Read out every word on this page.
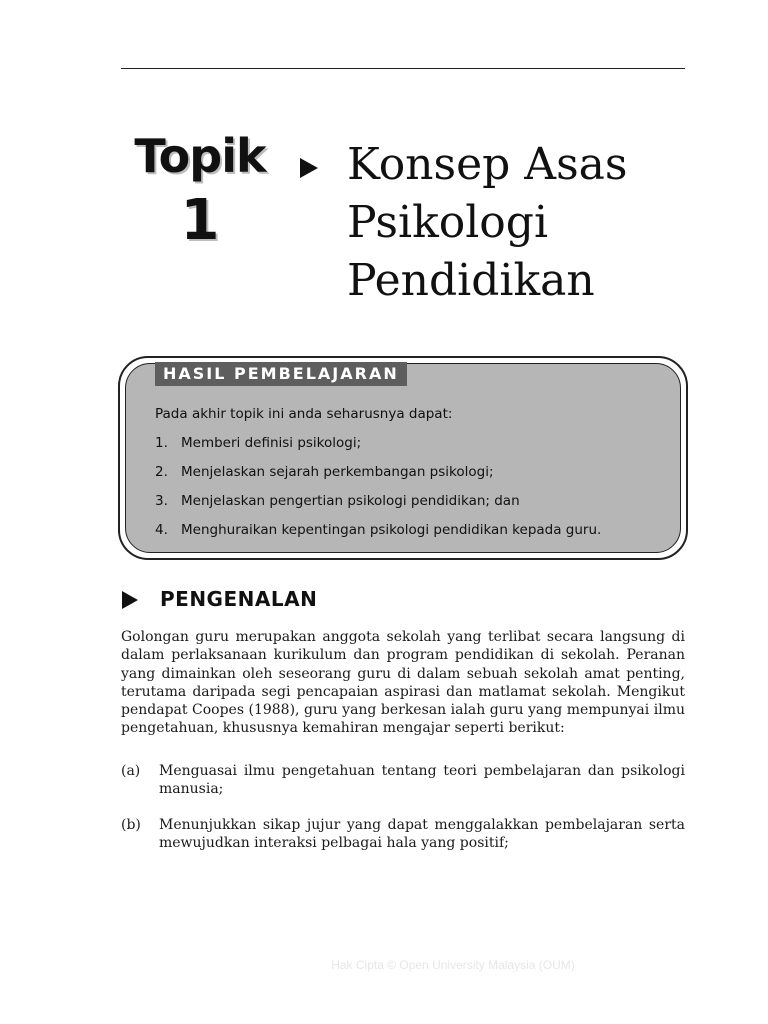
Topik
1
Konsep Asas
Psikologi
Pendidikan
HASIL PEMBELAJARAN
Pada akhir topik ini anda seharusnya dapat:
1. Memberi definisi psikologi;
2. Menjelaskan sejarah perkembangan psikologi;
3. Menjelaskan pengertian psikologi pendidikan; dan
4. Menghuraikan kepentingan psikologi pendidikan kepada guru.
PENGENALAN
Golongan guru merupakan anggota sekolah yang terlibat secara langsung di dalam perlaksanaan kurikulum dan program pendidikan di sekolah. Peranan yang dimainkan oleh seseorang guru di dalam sebuah sekolah amat penting, terutama daripada segi pencapaian aspirasi dan matlamat sekolah. Mengikut pendapat Coopes (1988), guru yang berkesan ialah guru yang mempunyai ilmu pengetahuan, khususnya kemahiran mengajar seperti berikut:
(a) Menguasai ilmu pengetahuan tentang teori pembelajaran dan psikologi manusia;
(b) Menunjukkan sikap jujur yang dapat menggalakkan pembelajaran serta mewujudkan interaksi pelbagai hala yang positif;
Hak Cipta © Open University Malaysia (OUM)
